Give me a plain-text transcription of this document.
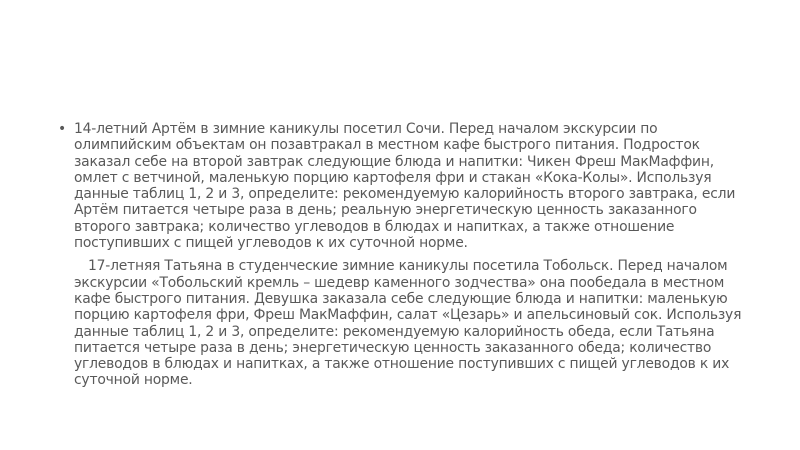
• 14-летний Артём в зимние каникулы посетил Сочи. Перед началом экскурсии по олимпийским объектам он позавтракал в местном кафе быстрого питания. Подросток заказал себе на второй завтрак следующие блюда и напитки: Чикен Фреш МакМаффин, омлет с ветчиной, маленькую порцию картофеля фри и стакан «Кока-Колы». Используя данные таблиц 1, 2 и 3, определите: рекомендуемую калорийность второго завтрака, если Артём питается четыре раза в день; реальную энергетическую ценность заказанного второго завтрака; количество углеводов в блюдах и напитках, а также отношение поступивших с пищей углеводов к их суточной норме.

17-летняя Татьяна в студенческие зимние каникулы посетила Тобольск. Перед началом экскурсии «Тобольский кремль – шедевр каменного зодчества» она пообедала в местном кафе быстрого питания. Девушка заказала себе следующие блюда и напитки: маленькую порцию картофеля фри, Фреш МакМаффин, салат «Цезарь» и апельсиновый сок. Используя данные таблиц 1, 2 и 3, определите: рекомендуемую калорийность обеда, если Татьяна питается четыре раза в день; энергетическую ценность заказанного обеда; количество углеводов в блюдах и напитках, а также отношение поступивших с пищей углеводов к их суточной норме.
